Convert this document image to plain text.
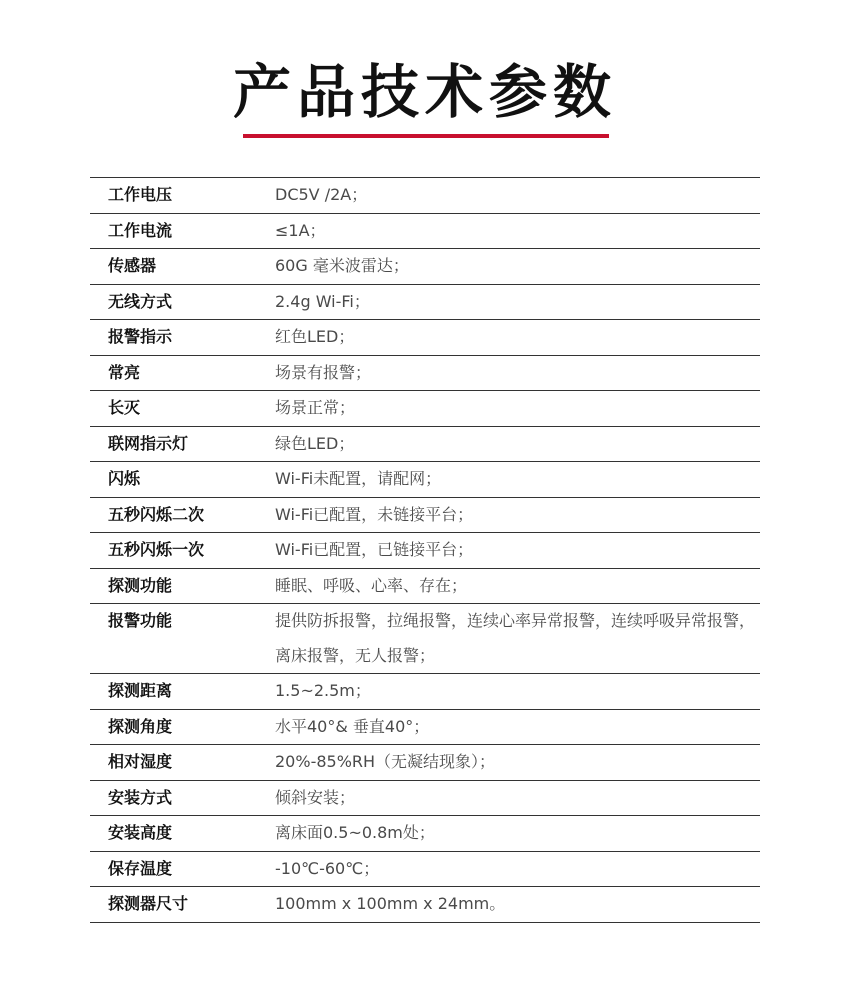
产品技术参数
工作电压	DC5V /2A；
工作电流	≤1A；
传感器	60G 毫米波雷达；
无线方式	2.4g Wi-Fi；
报警指示	红色LED；
常亮	场景有报警；
长灭	场景正常；
联网指示灯	绿色LED；
闪烁	Wi-Fi未配置，请配网；
五秒闪烁二次	Wi-Fi已配置，未链接平台；
五秒闪烁一次	Wi-Fi已配置，已链接平台；
探测功能	睡眠、呼吸、心率、存在；
报警功能	提供防拆报警，拉绳报警，连续心率异常报警，连续呼吸异常报警，离床报警，无人报警；
探测距离	1.5~2.5m；
探测角度	水平40°& 垂直40°；
相对湿度	20%-85%RH（无凝结现象）；
安装方式	倾斜安装；
安装高度	离床面0.5~0.8m处；
保存温度	-10℃-60℃；
探测器尺寸	100mm x 100mm x 24mm。
